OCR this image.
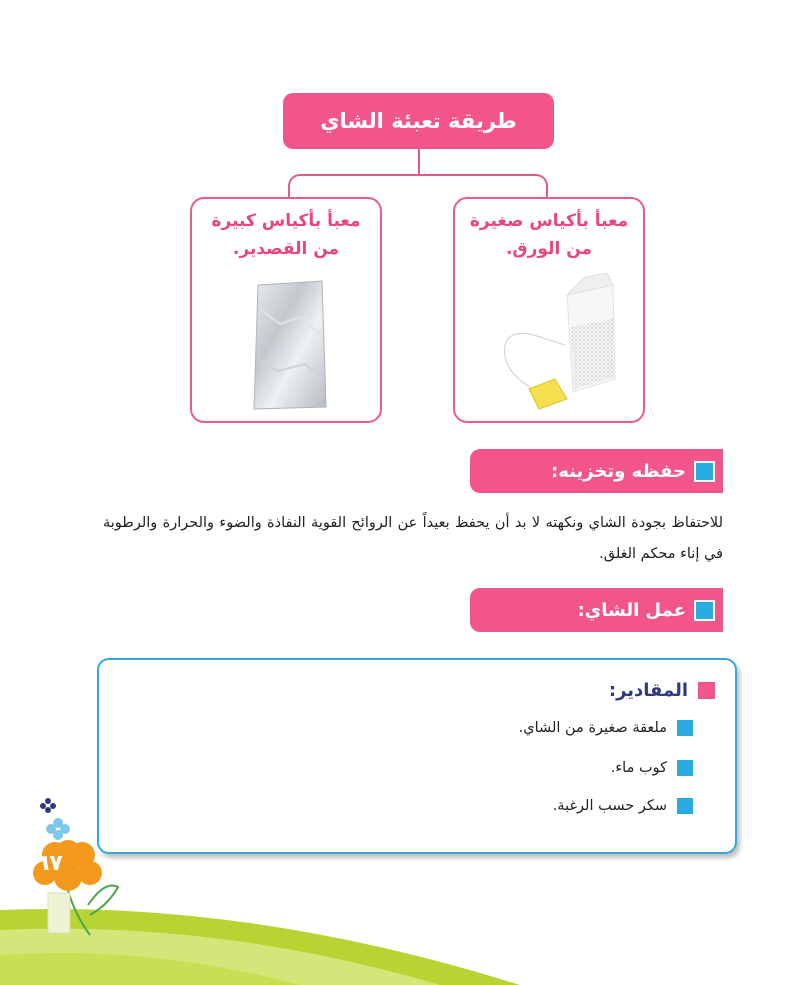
طريقة تعبئة الشاي
معبأ بأكياس صغيرة
من الورق.
معبأ بأكياس كبيرة
من القصدير.
حفظه وتخزينه:
للاحتفاظ بجودة الشاي ونكهته لا بد أن يحفظ بعيداً عن الروائح القوية النفاذة والضوء والحرارة والرطوبة في إناء محكم الغلق.
عمل الشاي:
المقادير:
ملعقة صغيرة من الشاي.
كوب ماء.
سكر حسب الرغبة.
٦٧
